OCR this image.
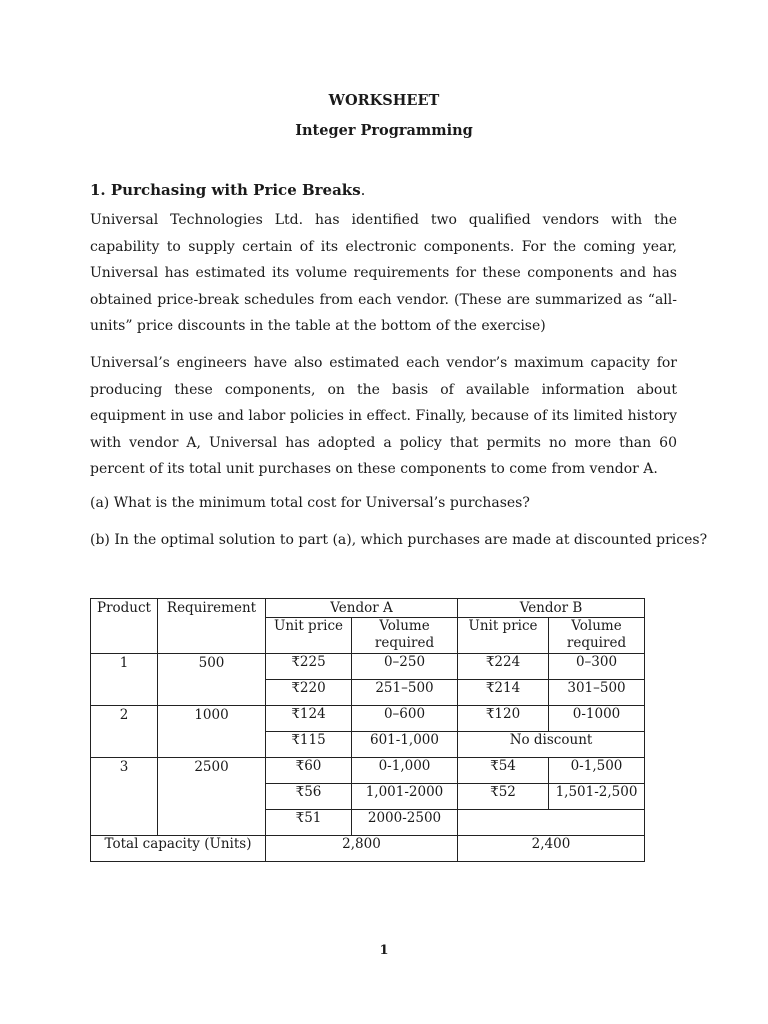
WORKSHEET
Integer Programming
1. Purchasing with Price Breaks.

Universal Technologies Ltd. has identified two qualified vendors with the capability to supply certain of its electronic components. For the coming year, Universal has estimated its volume requirements for these components and has obtained price-break schedules from each vendor. (These are summarized as “all-units” price discounts in the table at the bottom of the exercise)

Universal’s engineers have also estimated each vendor’s maximum capacity for producing these components, on the basis of available information about equipment in use and labor policies in effect. Finally, because of its limited history with vendor A, Universal has adopted a policy that permits no more than 60 percent of its total unit purchases on these components to come from vendor A.

(a) What is the minimum total cost for Universal’s purchases?

(b) In the optimal solution to part (a), which purchases are made at discounted prices?

Product	Requirement	Vendor A		Vendor B	
		Unit price	Volume required	Unit price	Volume required
1	500	₹225	0–250	₹224	0–300
		₹220	251–500	₹214	301–500
2	1000	₹124	0–600	₹120	0-1000
		₹115	601-1,000	No discount	
3	2500	₹60	0-1,000	₹54	0-1,500
		₹56	1,001-2000	₹52	1,501-2,500
		₹51	2000-2500		
Total capacity (Units)		2,800		2,400	
1
